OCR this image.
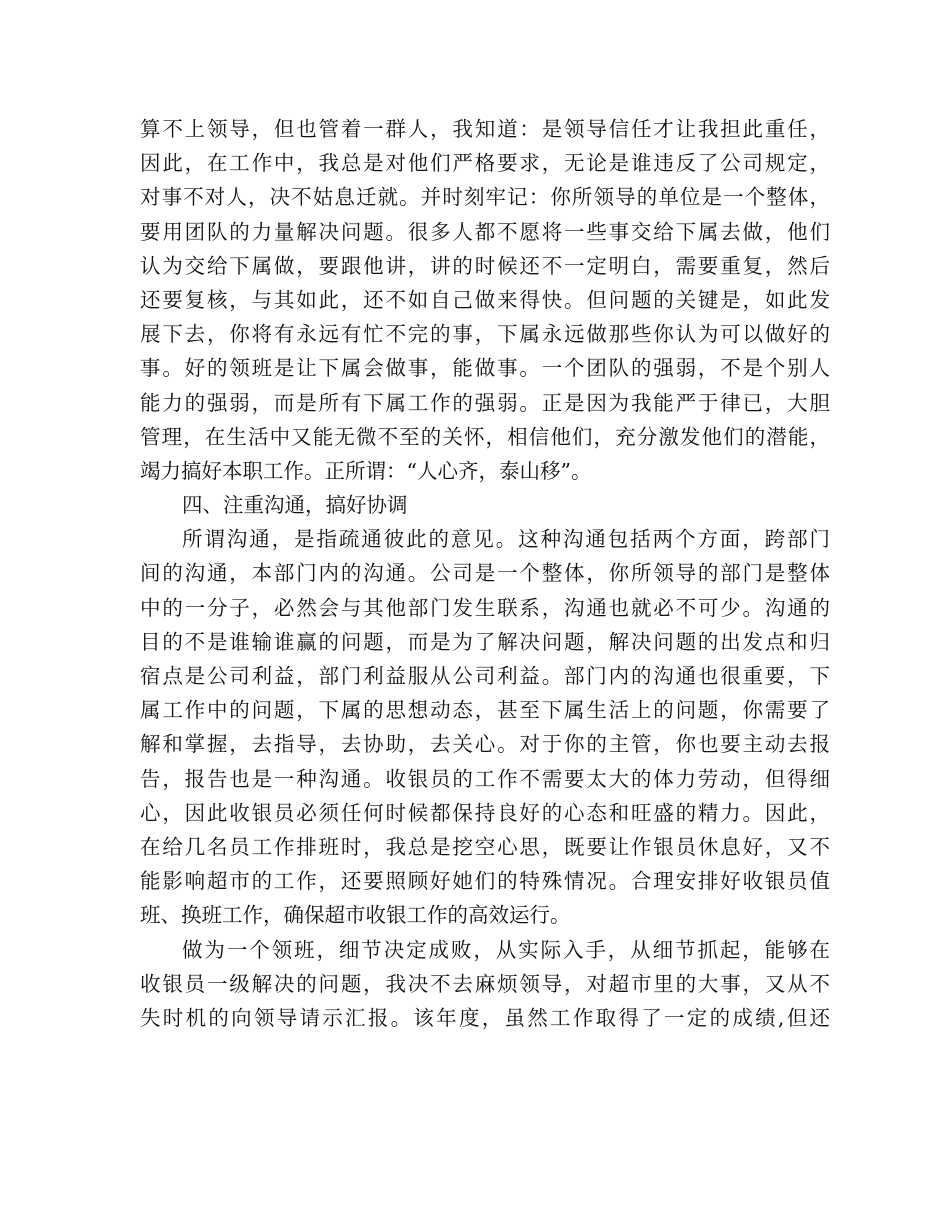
算不上领导，但也管着一群人，我知道：是领导信任才让我担此重任，
因此，在工作中，我总是对他们严格要求，无论是谁违反了公司规定，
对事不对人，决不姑息迁就。并时刻牢记：你所领导的单位是一个整体，
要用团队的力量解决问题。很多人都不愿将一些事交给下属去做，他们
认为交给下属做，要跟他讲，讲的时候还不一定明白，需要重复，然后
还要复核，与其如此，还不如自己做来得快。但问题的关键是，如此发
展下去，你将有永远有忙不完的事，下属永远做那些你认为可以做好的
事。好的领班是让下属会做事，能做事。一个团队的强弱，不是个别人
能力的强弱，而是所有下属工作的强弱。正是因为我能严于律已，大胆
管理，在生活中又能无微不至的关怀，相信他们，充分激发他们的潜能，
竭力搞好本职工作。正所谓：“人心齐，泰山移”。
四、注重沟通，搞好协调
所谓沟通，是指疏通彼此的意见。这种沟通包括两个方面，跨部门
间的沟通，本部门内的沟通。公司是一个整体，你所领导的部门是整体
中的一分子，必然会与其他部门发生联系，沟通也就必不可少。沟通的
目的不是谁输谁赢的问题，而是为了解决问题，解决问题的出发点和归
宿点是公司利益，部门利益服从公司利益。部门内的沟通也很重要，下
属工作中的问题，下属的思想动态，甚至下属生活上的问题，你需要了
解和掌握，去指导，去协助，去关心。对于你的主管，你也要主动去报
告，报告也是一种沟通。收银员的工作不需要太大的体力劳动，但得细
心，因此收银员必须任何时候都保持良好的心态和旺盛的精力。因此，
在给几名员工作排班时，我总是挖空心思，既要让作银员休息好，又不
能影响超市的工作，还要照顾好她们的特殊情况。合理安排好收银员值
班、换班工作，确保超市收银工作的高效运行。
做为一个领班，细节决定成败，从实际入手，从细节抓起，能够在
收银员一级解决的问题，我决不去麻烦领导，对超市里的大事，又从不
失时机的向领导请示汇报。该年度，虽然工作取得了一定的成绩,但还
